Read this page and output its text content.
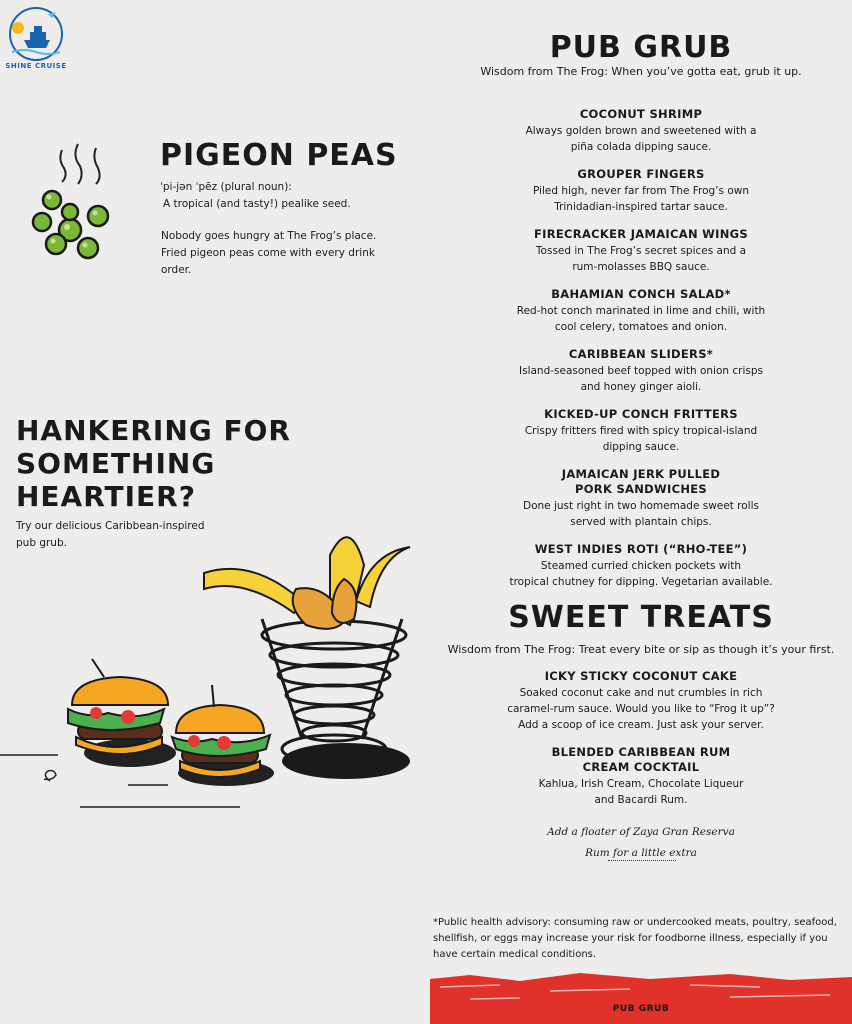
SHINE CRUISE
PIGEON PEAS
ˈpi-jən ˈpēz (plural noun):
A tropical (and tasty!) pealike seed.
Nobody goes hungry at The Frog’s place. Fried pigeon peas come with every drink order.
HANKERING FOR SOMETHING HEARTIER?
Try our delicious Caribbean-inspired pub grub.
PUB GRUB
Wisdom from The Frog: When you’ve gotta eat, grub it up.
COCONUT SHRIMP
Always golden brown and sweetened with a
piña colada dipping sauce.
GROUPER FINGERS
Piled high, never far from The Frog’s own
Trinidadian-inspired tartar sauce.
FIRECRACKER JAMAICAN WINGS
Tossed in The Frog’s secret spices and a
rum-molasses BBQ sauce.
BAHAMIAN CONCH SALAD*
Red-hot conch marinated in lime and chili, with
cool celery, tomatoes and onion.
CARIBBEAN SLIDERS*
Island-seasoned beef topped with onion crisps
and honey ginger aioli.
KICKED-UP CONCH FRITTERS
Crispy fritters fired with spicy tropical-island
dipping sauce.
JAMAICAN JERK PULLED
PORK SANDWICHES
Done just right in two homemade sweet rolls
served with plantain chips.
WEST INDIES ROTI (“RHO-TEE”)
Steamed curried chicken pockets with
tropical chutney for dipping. Vegetarian available.
SWEET TREATS
Wisdom from The Frog: Treat every bite or sip as though it’s your first.
ICKY STICKY COCONUT CAKE
Soaked coconut cake and nut crumbles in rich
caramel-rum sauce. Would you like to “Frog it up”?
Add a scoop of ice cream. Just ask your server.
BLENDED CARIBBEAN RUM
CREAM COCKTAIL
Kahlua, Irish Cream, Chocolate Liqueur
and Bacardi Rum.
Add a floater of Zaya Gran Reserva
Rum for a little extra
*Public health advisory: consuming raw or undercooked meats, poultry, seafood, shellfish, or eggs may increase your risk for foodborne illness, especially if you have certain medical conditions.
PUB GRUB
